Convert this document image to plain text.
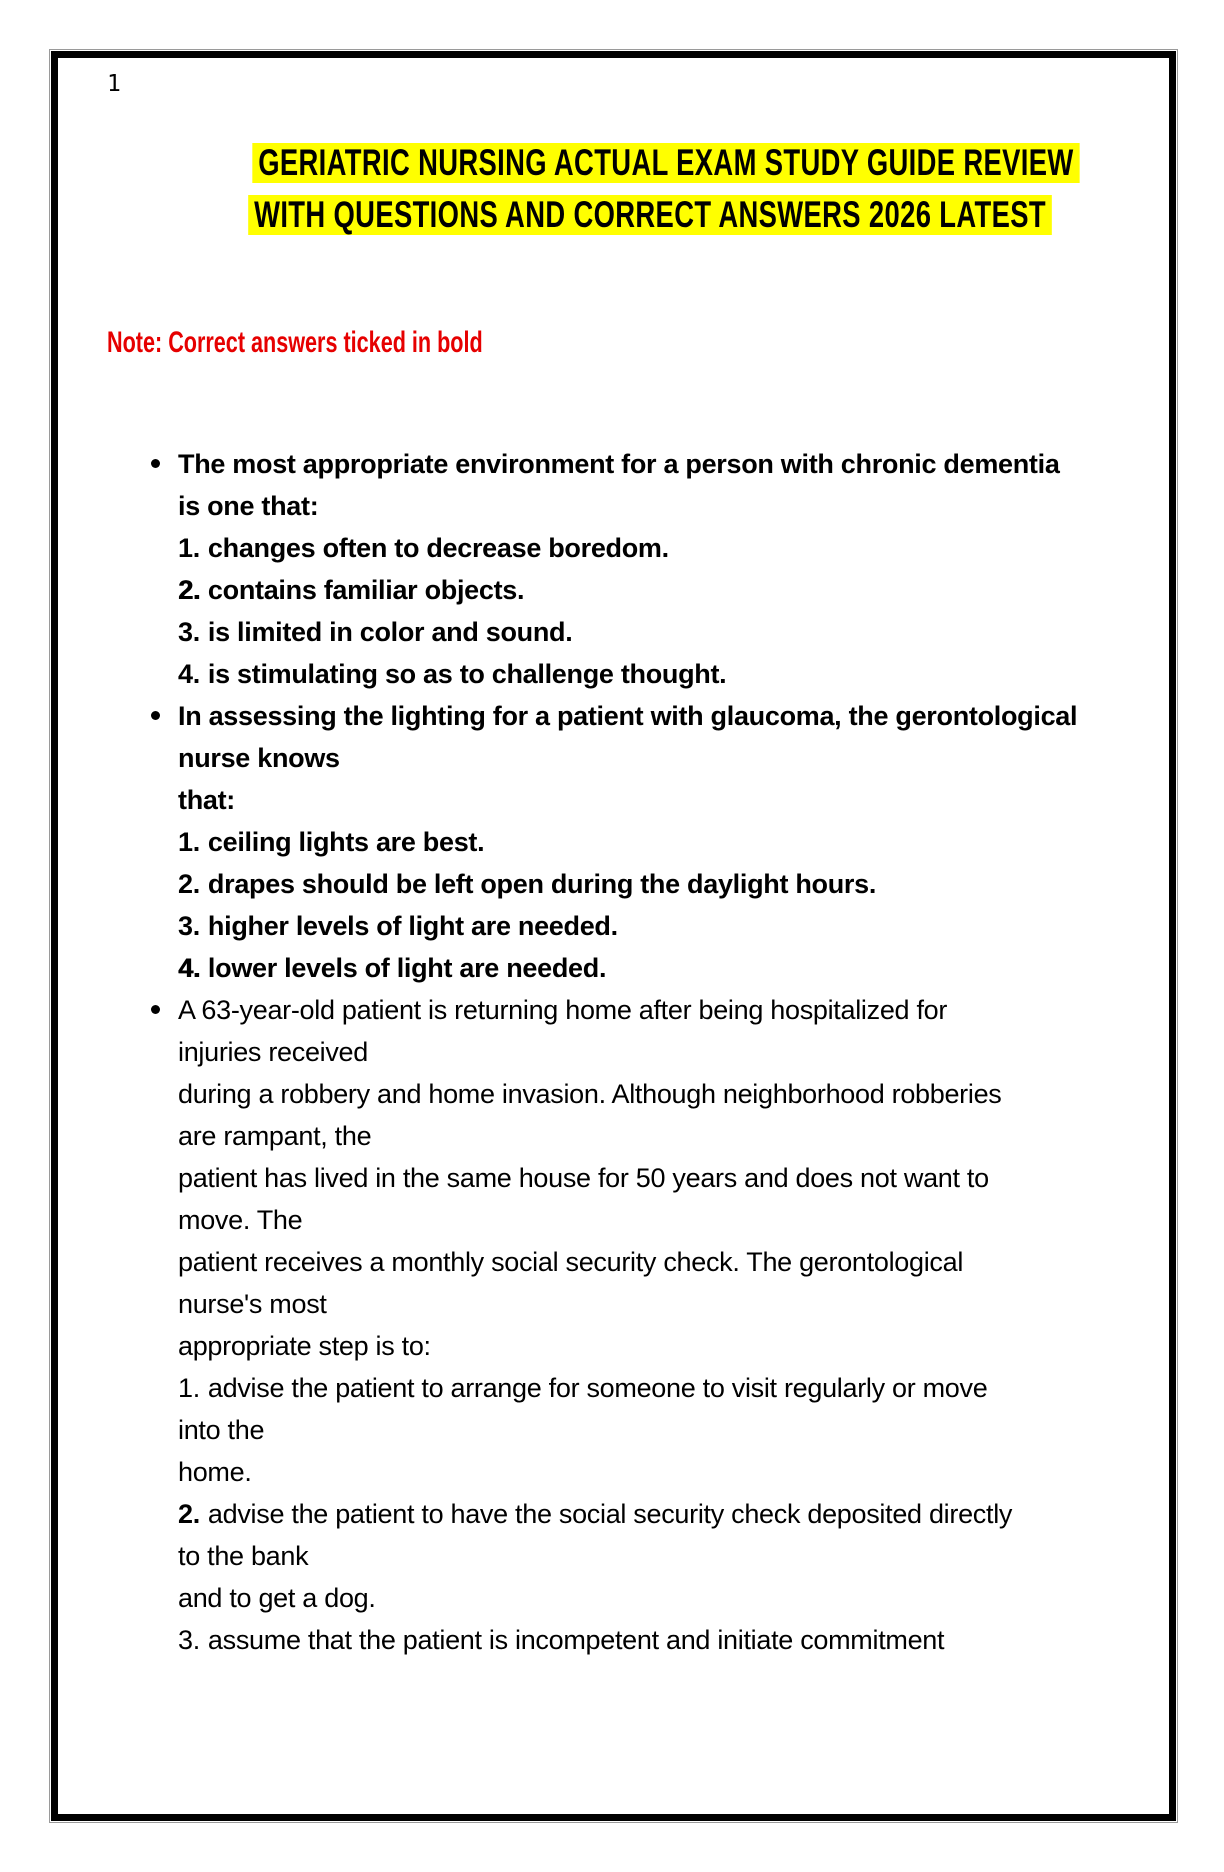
1
GERIATRIC NURSING ACTUAL EXAM STUDY GUIDE REVIEW
WITH QUESTIONS AND CORRECT ANSWERS 2026 LATEST
Note: Correct answers ticked in bold
The most appropriate environment for a person with chronic dementia
is one that:
1. changes often to decrease boredom.
2. contains familiar objects.
3. is limited in color and sound.
4. is stimulating so as to challenge thought.
In assessing the lighting for a patient with glaucoma, the gerontological
nurse knows
that:
1. ceiling lights are best.
2. drapes should be left open during the daylight hours.
3. higher levels of light are needed.
4. lower levels of light are needed.
A 63-year-old patient is returning home after being hospitalized for
injuries received
during a robbery and home invasion. Although neighborhood robberies
are rampant, the
patient has lived in the same house for 50 years and does not want to
move. The
patient receives a monthly social security check. The gerontological
nurse's most
appropriate step is to:
1. advise the patient to arrange for someone to visit regularly or move
into the
home.
2. advise the patient to have the social security check deposited directly
to the bank
and to get a dog.
3. assume that the patient is incompetent and initiate commitment
